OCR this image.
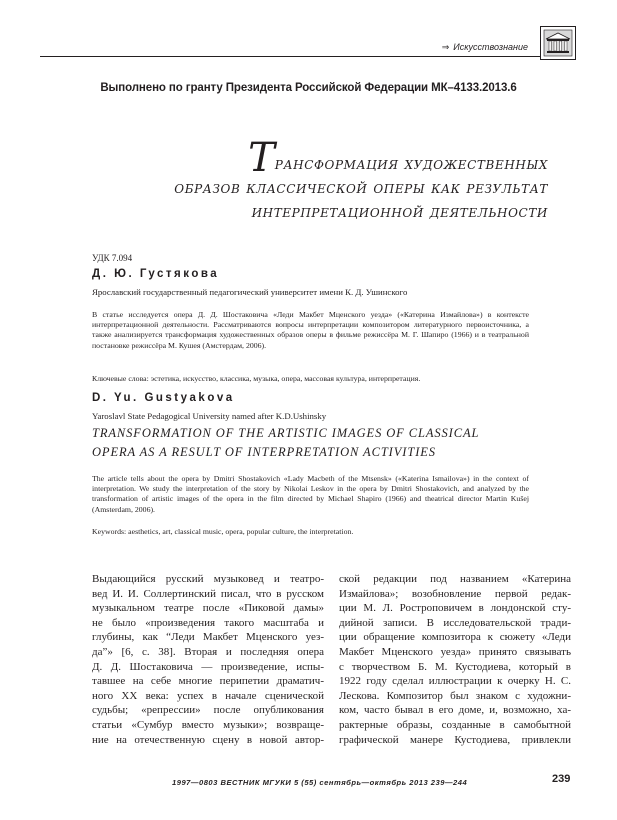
⇒ Искусствознание
Выполнено по гранту Президента Российской Федерации МК–4133.2013.6
Трансформация художественных
образов классической оперы как результат
интерпретационной деятельности
УДК 7.094
Д. Ю. Густякова
Ярославский государственный педагогический университет имени К. Д. Ушинского
В статье исследуется опера Д. Д. Шостаковича «Леди Макбет Мценского уезда» («Катерина Измайлова») в контексте интерпретационной деятельности. Рассматриваются вопросы интерпретации композитором литературного первоисточника, а также анализируется трансформация художественных образов оперы в фильме режиссёра М. Г. Шапиро (1966) и в театральной постановке режиссёра М. Кушея (Амстердам, 2006).
Ключевые слова: эстетика, искусство, классика, музыка, опера, массовая культура, интерпретация.
D. Yu. Gustyakova
Yaroslavl State Pedagogical University named after K.D.Ushinsky
TRANSFORMATION OF THE ARTISTIC IMAGES OF CLASSICAL
OPERA AS A RESULT OF INTERPRETATION ACTIVITIES
The article tells about the opera by Dmitri Shostakovich «Lady Macbeth of the Mtsensk» («Katerina Ismailova») in the context of interpretation. We study the interpretation of the story by Nikolai Leskov in the opera by Dmitri Shostakovich, and analyzed by the transformation of artistic images of the opera in the film directed by Michael Shapiro (1966) and theatrical director Martin Kušej (Amsterdam, 2006).
Keywords: aesthetics, art, classical music, opera, popular culture, the interpretation.
Выдающийся русский музыковед и театро-
вед И. И. Соллертинский писал, что в русском
музыкальном театре после «Пиковой дамы»
не было «произведения такого масштаба и
глубины, как “Леди Макбет Мценского уез-
да”» [6, с. 38]. Вторая и последняя опера
Д. Д. Шостаковича — произведение, испы-
тавшее на себе многие перипетии драматич-
ного XX века: успех в начале сценической
судьбы; «репрессии» после опубликования
статьи «Сумбур вместо музыки»; возвраще-
ние на отечественную сцену в новой автор-
ской редакции под названием «Катерина
Измайлова»; возобновление первой редак-
ции М. Л. Ростроповичем в лондонской сту-
дийной записи. В исследовательской тради-
ции обращение композитора к сюжету «Леди
Макбет Мценского уезда» принято связывать
с творчеством Б. М. Кустодиева, который в
1922 году сделал иллюстрации к очерку Н. С.
Лескова. Композитор был знаком с художни-
ком, часто бывал в его доме, и, возможно, ха-
рактерные образы, созданные в самобытной
графической манере Кустодиева, привлекли
1997—0803 ВЕСТНИК МГУКИ 5 (55) сентябрь—октябрь 2013 239—244	239
